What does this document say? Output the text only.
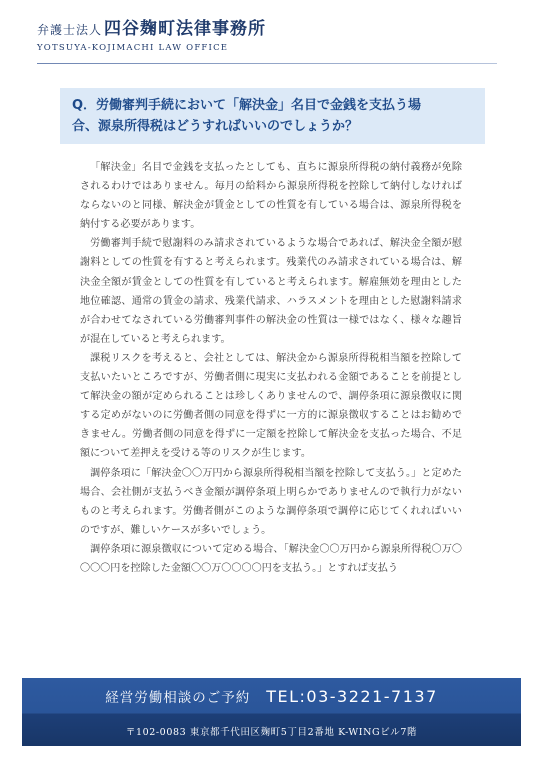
弁護士法人 四谷麹町法律事務所
YOTSUYA-KOJIMACHI LAW OFFICE
Q．労働審判手続において「解決金」名目で金銭を支払う場
合、源泉所得税はどうすればいいのでしょうか？

「解決金」名目で金銭を支払ったとしても、直ちに源泉所得税の納付義務が免除されるわけではありません。毎月の給料から源泉所得税を控除して納付しなければならないのと同様、解決金が賃金としての性質を有している場合は、源泉所得税を納付する必要があります。

労働審判手続で慰謝料のみ請求されているような場合であれば、解決金全額が慰謝料としての性質を有すると考えられます。残業代のみ請求されている場合は、解決金全額が賃金としての性質を有していると考えられます。解雇無効を理由とした地位確認、通常の賃金の請求、残業代請求、ハラスメントを理由とした慰謝料請求が合わせてなされている労働審判事件の解決金の性質は一様ではなく、様々な趣旨が混在していると考えられます。

課税リスクを考えると、会社としては、解決金から源泉所得税相当額を控除して支払いたいところですが、労働者側に現実に支払われる金額であることを前提として解決金の額が定められることは珍しくありませんので、調停条項に源泉徴収に関する定めがないのに労働者側の同意を得ずに一方的に源泉徴収することはお勧めできません。労働者側の同意を得ずに一定額を控除して解決金を支払った場合、不足額について差押えを受ける等のリスクが生じます。

調停条項に「解決金〇〇万円から源泉所得税相当額を控除して支払う。」と定めた場合、会社側が支払うべき金額が調停条項上明らかでありませんので執行力がないものと考えられます。労働者側がこのような調停条項で調停に応じてくれればいいのですが、難しいケースが多いでしょう。

調停条項に源泉徴収について定める場合、「解決金〇〇万円から源泉所得税〇万〇〇〇〇円を控除した金額〇〇万〇〇〇〇円を支払う。」とすれば支払う

経営労働相談のご予約 TEL:03-3221-7137
〒102-0083 東京都千代田区麹町5丁目2番地 K-WINGビル7階
